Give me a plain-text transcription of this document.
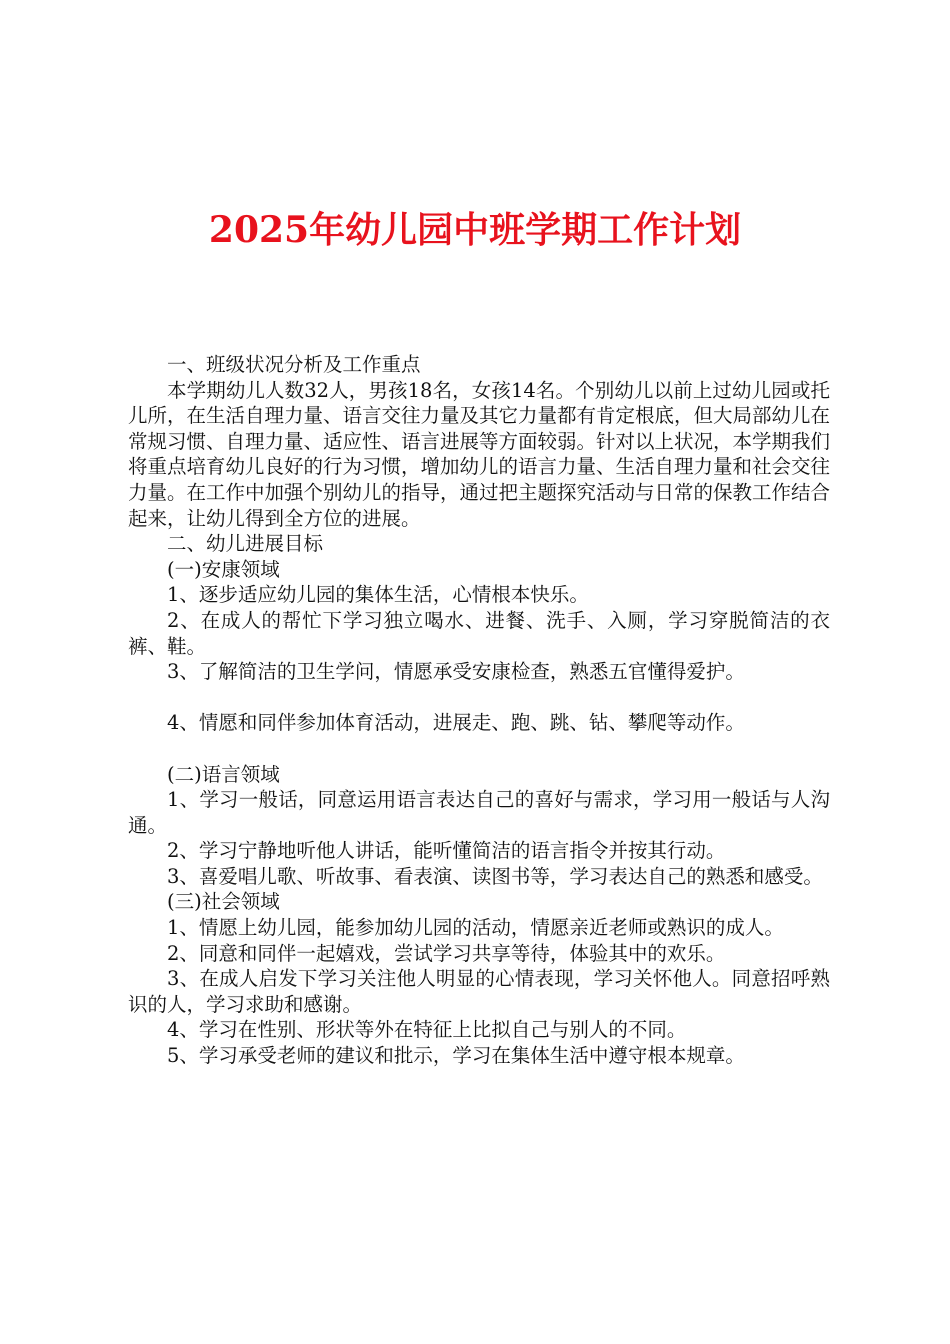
2025年幼儿园中班学期工作计划

一、班级状况分析及工作重点

本学期幼儿人数32人，男孩18名，女孩14名。个别幼儿以前上过幼儿园或托儿所，在生活自理力量、语言交往力量及其它力量都有肯定根底，但大局部幼儿在常规习惯、自理力量、适应性、语言进展等方面较弱。针对以上状况，本学期我们将重点培育幼儿良好的行为习惯，增加幼儿的语言力量、生活自理力量和社会交往力量。在工作中加强个别幼儿的指导，通过把主题探究活动与日常的保教工作结合起来，让幼儿得到全方位的进展。

二、幼儿进展目标

(一)安康领域

1、逐步适应幼儿园的集体生活，心情根本快乐。

2、在成人的帮忙下学习独立喝水、进餐、洗手、入厕，学习穿脱简洁的衣裤、鞋。

3、了解简洁的卫生学问，情愿承受安康检查，熟悉五官懂得爱护。

4、情愿和同伴参加体育活动，进展走、跑、跳、钻、攀爬等动作。

(二)语言领域

1、学习一般话，同意运用语言表达自己的喜好与需求，学习用一般话与人沟通。

2、学习宁静地听他人讲话，能听懂简洁的语言指令并按其行动。

3、喜爱唱儿歌、听故事、看表演、读图书等，学习表达自己的熟悉和感受。

(三)社会领域

1、情愿上幼儿园，能参加幼儿园的活动，情愿亲近老师或熟识的成人。

2、同意和同伴一起嬉戏，尝试学习共享等待，体验其中的欢乐。

3、在成人启发下学习关注他人明显的心情表现，学习关怀他人。同意招呼熟识的人，学习求助和感谢。

4、学习在性别、形状等外在特征上比拟自己与别人的不同。

5、学习承受老师的建议和批示，学习在集体生活中遵守根本规章。
